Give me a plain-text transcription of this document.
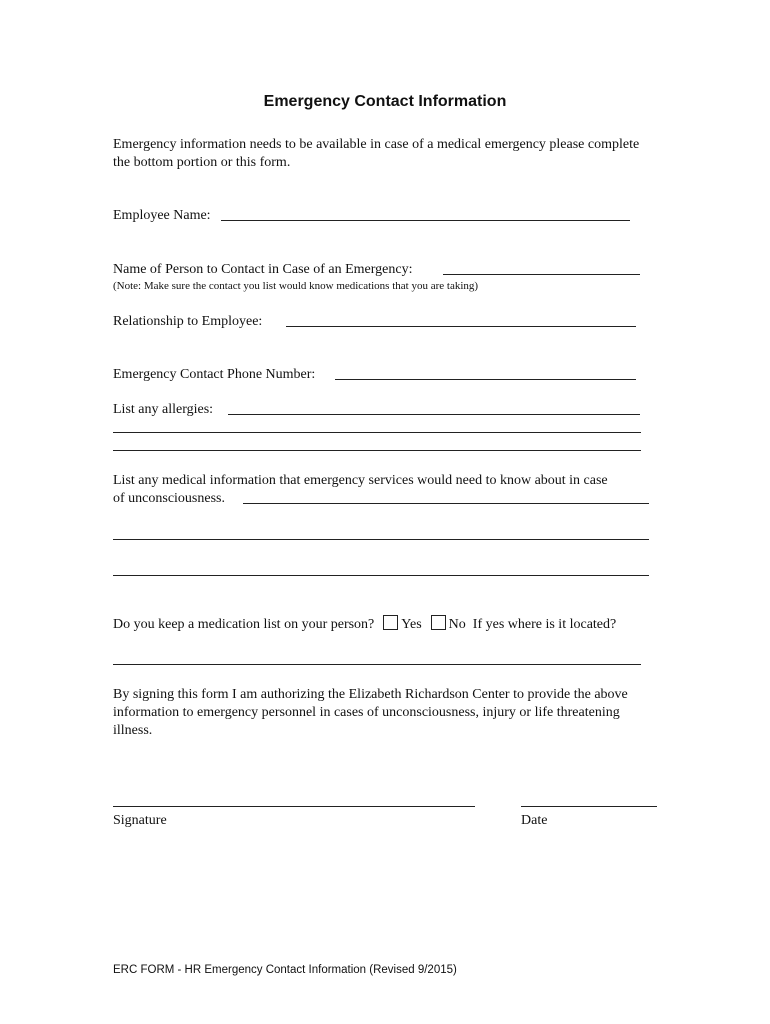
Emergency Contact Information
Emergency information needs to be available in case of a medical emergency please complete the bottom portion or this form.
Employee Name:
Name of Person to Contact in Case of an Emergency:
(Note: Make sure the contact you list would know medications that you are taking)
Relationship to Employee:
Emergency Contact Phone Number:
List any allergies:
List any medical information that emergency services would need to know about in case
of unconsciousness.
Do you keep a medication list on your person? Yes No If yes where is it located?
By signing this form I am authorizing the Elizabeth Richardson Center to provide the above information to emergency personnel in cases of unconsciousness, injury or life threatening illness.
Signature	Date
ERC FORM - HR Emergency Contact Information (Revised 9/2015)
